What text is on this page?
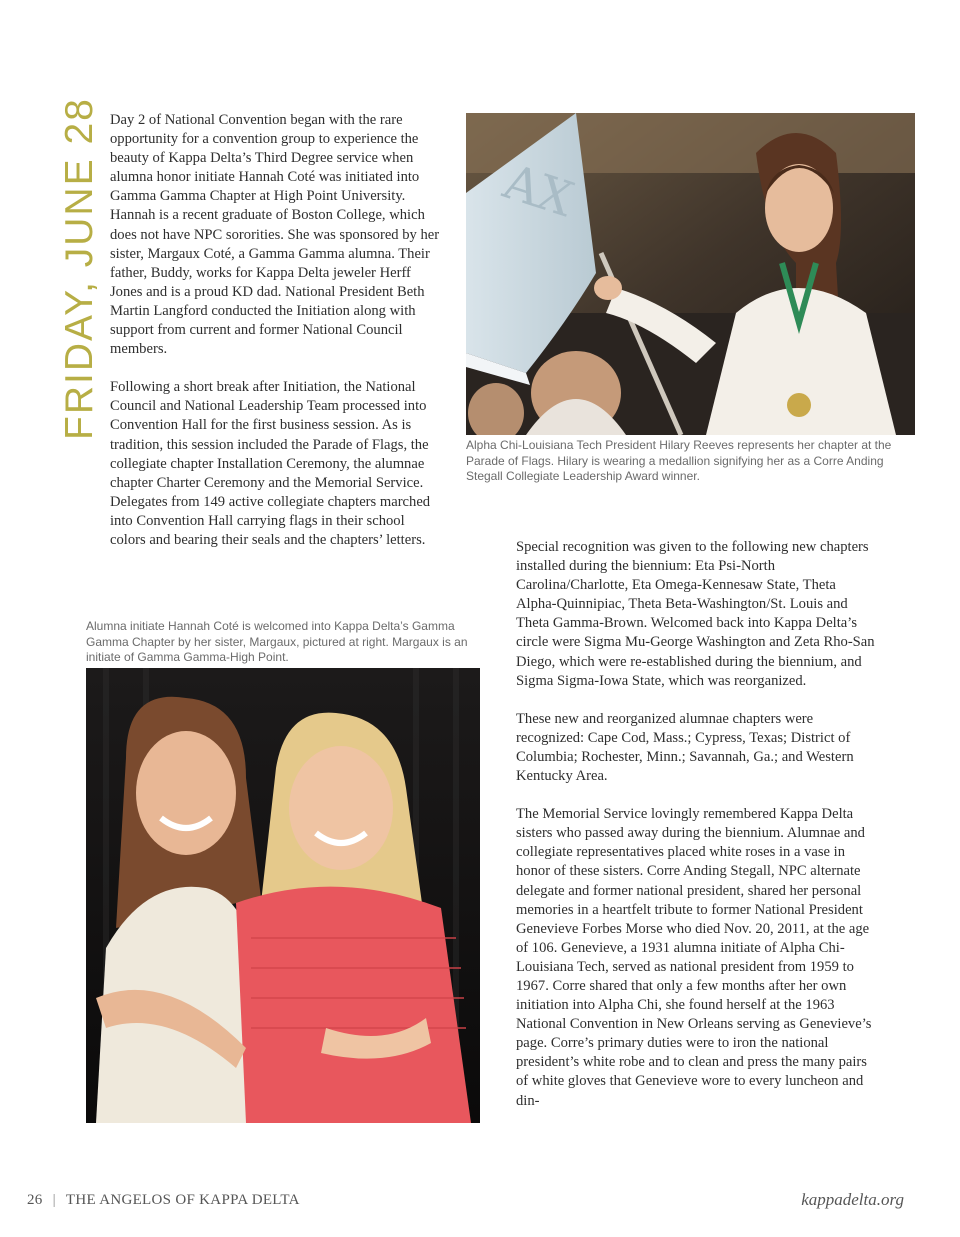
FRIDAY, JUNE 28 Day 2 of National Convention began with the rare opportunity for a convention group to experience the beauty of Kappa Delta’s Third Degree service when alumna honor initiate Hannah Coté was initiated into Gamma Gamma Chapter at High Point University. Hannah is a recent graduate of Boston College, which does not have NPC sororities. She was sponsored by her sister, Margaux Coté, a Gamma Gamma alumna. Their father, Buddy, works for Kappa Delta jeweler Herff Jones and is a proud KD dad. National President Beth Martin Langford conducted the Initiation along with support from current and former National Council members.

Following a short break after Initiation, the National Council and National Leadership Team processed into Convention Hall for the first business session. As is tradition, this session included the Parade of Flags, the collegiate chapter Installation Ceremony, the alumnae chapter Charter Ceremony and the Memorial Service. Delegates from 149 active collegiate chapters marched into Convention Hall carrying flags in their school colors and bearing their seals and the chapters’ letters.

ΑΧ
Alpha Chi-Louisiana Tech President Hilary Reeves represents her chapter at the Parade of Flags. Hilary is wearing a medallion signifying her as a Corre Anding Stegall Collegiate Leadership Award winner.

Special recognition was given to the following new chapters installed during the biennium: Eta Psi-North Carolina/Charlotte, Eta Omega-Kennesaw State, Theta Alpha-Quinnipiac, Theta Beta-Washington/St. Louis and Theta Gamma-Brown. Welcomed back into Kappa Delta’s circle were Sigma Mu-George Washington and Zeta Rho-San Diego, which were re-established during the biennium, and Sigma Sigma-Iowa State, which was reorganized.

These new and reorganized alumnae chapters were recognized: Cape Cod, Mass.; Cypress, Texas; District of Columbia; Rochester, Minn.; Savannah, Ga.; and Western Kentucky Area.

The Memorial Service lovingly remembered Kappa Delta sisters who passed away during the biennium. Alumnae and collegiate representatives placed white roses in a vase in honor of these sisters. Corre Anding Stegall, NPC alternate delegate and former national president, shared her personal memories in a heartfelt tribute to former National President Genevieve Forbes Morse who died Nov. 20, 2011, at the age of 106. Genevieve, a 1931 alumna initiate of Alpha Chi-Louisiana Tech, served as national president from 1959 to 1967. Corre shared that only a few months after her own initiation into Alpha Chi, she found herself at the 1963 National Convention in New Orleans serving as Genevieve’s page. Corre’s primary duties were to iron the national president’s white robe and to clean and press the many pairs of white gloves that Genevieve wore to every luncheon and din-

Alumna initiate Hannah Coté is welcomed into Kappa Delta’s Gamma Gamma Chapter by her sister, Margaux, pictured at right. Margaux is an initiate of Gamma Gamma-High Point.
26 | THE ANGELOS OF KAPPA DELTA	kappadelta.org
